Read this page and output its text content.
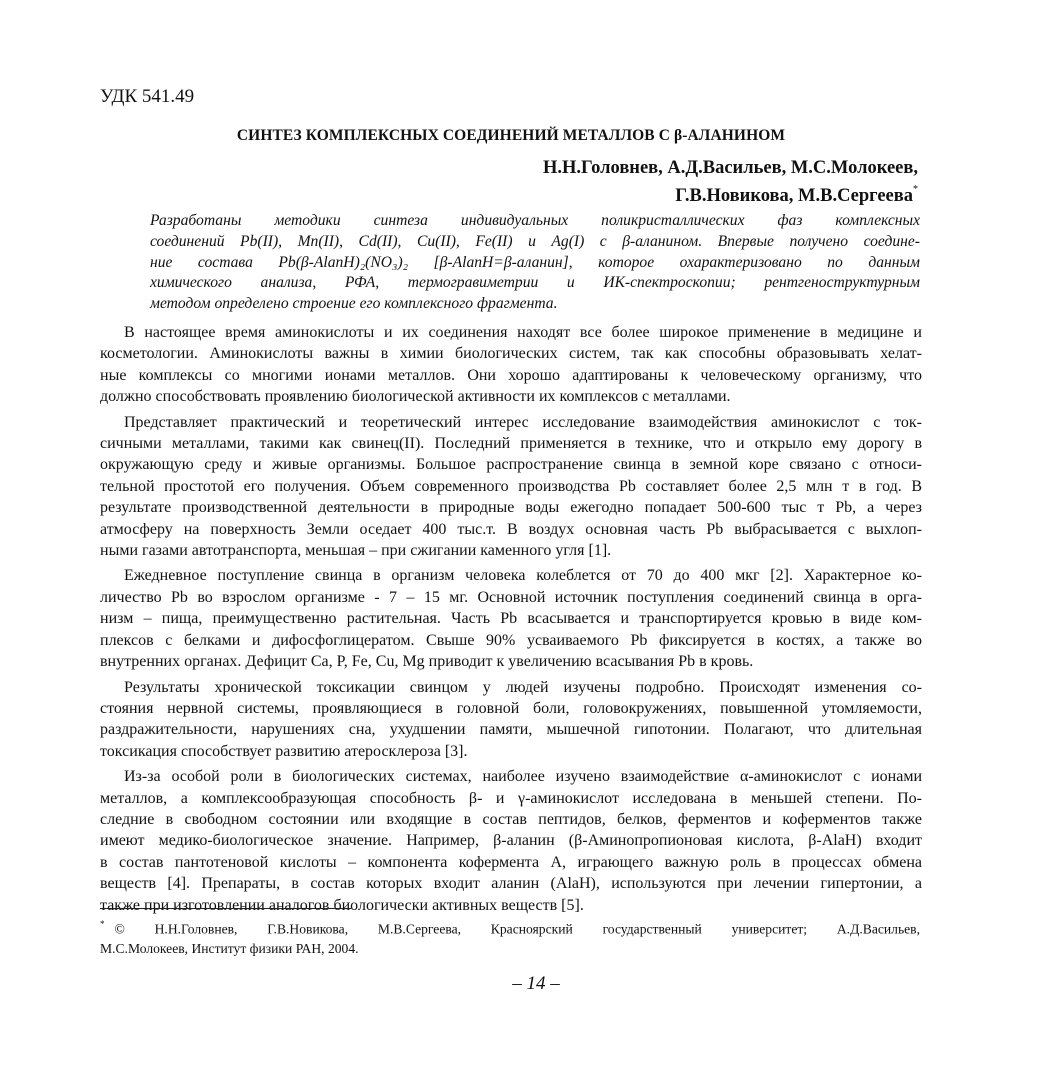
УДК 541.49
СИНТЕЗ КОМПЛЕКСНЫХ СОЕДИНЕНИЙ МЕТАЛЛОВ С β-АЛАНИНОМ
Н.Н.Головнев, А.Д.Васильев, М.С.Молокеев,
Г.В.Новикова, М.В.Сергеева*
Разработаны методики синтеза индивидуальных поликристаллических фаз комплексных
соединений Pb(II), Mn(II), Cd(II), Cu(II), Fe(II) и Ag(I) с β-аланином. Впервые получено соедине-
ние состава Pb(β-AlanH)₂(NO₃)₂ [β-AlanH=β-аланин], которое охарактеризовано по данным
химического анализа, РФА, термогравиметрии и ИК-спектроскопии; рентгеноструктурным
методом определено строение его комплексного фрагмента.
В настоящее время аминокислоты и их соединения находят все более широкое применение в медицине и
косметологии. Аминокислоты важны в химии биологических систем, так как способны образовывать хелат-
ные комплексы со многими ионами металлов. Они хорошо адаптированы к человеческому организму, что
должно способствовать проявлению биологической активности их комплексов с металлами.
Представляет практический и теоретический интерес исследование взаимодействия аминокислот с ток-
сичными металлами, такими как свинец(II). Последний применяется в технике, что и открыло ему дорогу в
окружающую среду и живые организмы. Большое распространение свинца в земной коре связано с относи-
тельной простотой его получения. Объем современного производства Pb составляет более 2,5 млн т в год. В
результате производственной деятельности в природные воды ежегодно попадает 500-600 тыс т Pb, а через
атмосферу на поверхность Земли оседает 400 тыс.т. В воздух основная часть Pb выбрасывается с выхлоп-
ными газами автотранспорта, меньшая – при сжигании каменного угля [1].
Ежедневное поступление свинца в организм человека колеблется от 70 до 400 мкг [2]. Характерное ко-
личество Pb во взрослом организме - 7 – 15 мг. Основной источник поступления соединений свинца в орга-
низм – пища, преимущественно растительная. Часть Pb всасывается и транспортируется кровью в виде ком-
плексов с белками и дифосфоглицератом. Свыше 90% усваиваемого Pb фиксируется в костях, а также во
внутренних органах. Дефицит Ca, P, Fe, Cu, Mg приводит к увеличению всасывания Pb в кровь.
Результаты хронической токсикации свинцом у людей изучены подробно. Происходят изменения со-
стояния нервной системы, проявляющиеся в головной боли, головокружениях, повышенной утомляемости,
раздражительности, нарушениях сна, ухудшении памяти, мышечной гипотонии. Полагают, что длительная
токсикация способствует развитию атеросклероза [3].
Из-за особой роли в биологических системах, наиболее изучено взаимодействие α-аминокислот с ионами
металлов, а комплексообразующая способность β- и γ-аминокислот исследована в меньшей степени. По-
следние в свободном состоянии или входящие в состав пептидов, белков, ферментов и коферментов также
имеют медико-биологическое значение. Например, β-аланин (β-Аминопропионовая кислота, β-AlaH) входит
в состав пантотеновой кислоты – компонента кофермента А, играющего важную роль в процессах обмена
веществ [4]. Препараты, в состав которых входит аланин (AlaH), используются при лечении гипертонии, а
также при изготовлении аналогов биологически активных веществ [5].
* © Н.Н.Головнев, Г.В.Новикова, М.В.Сергеева, Красноярский государственный университет; А.Д.Васильев,
М.С.Молокеев, Институт физики РАН, 2004.
– 14 –
